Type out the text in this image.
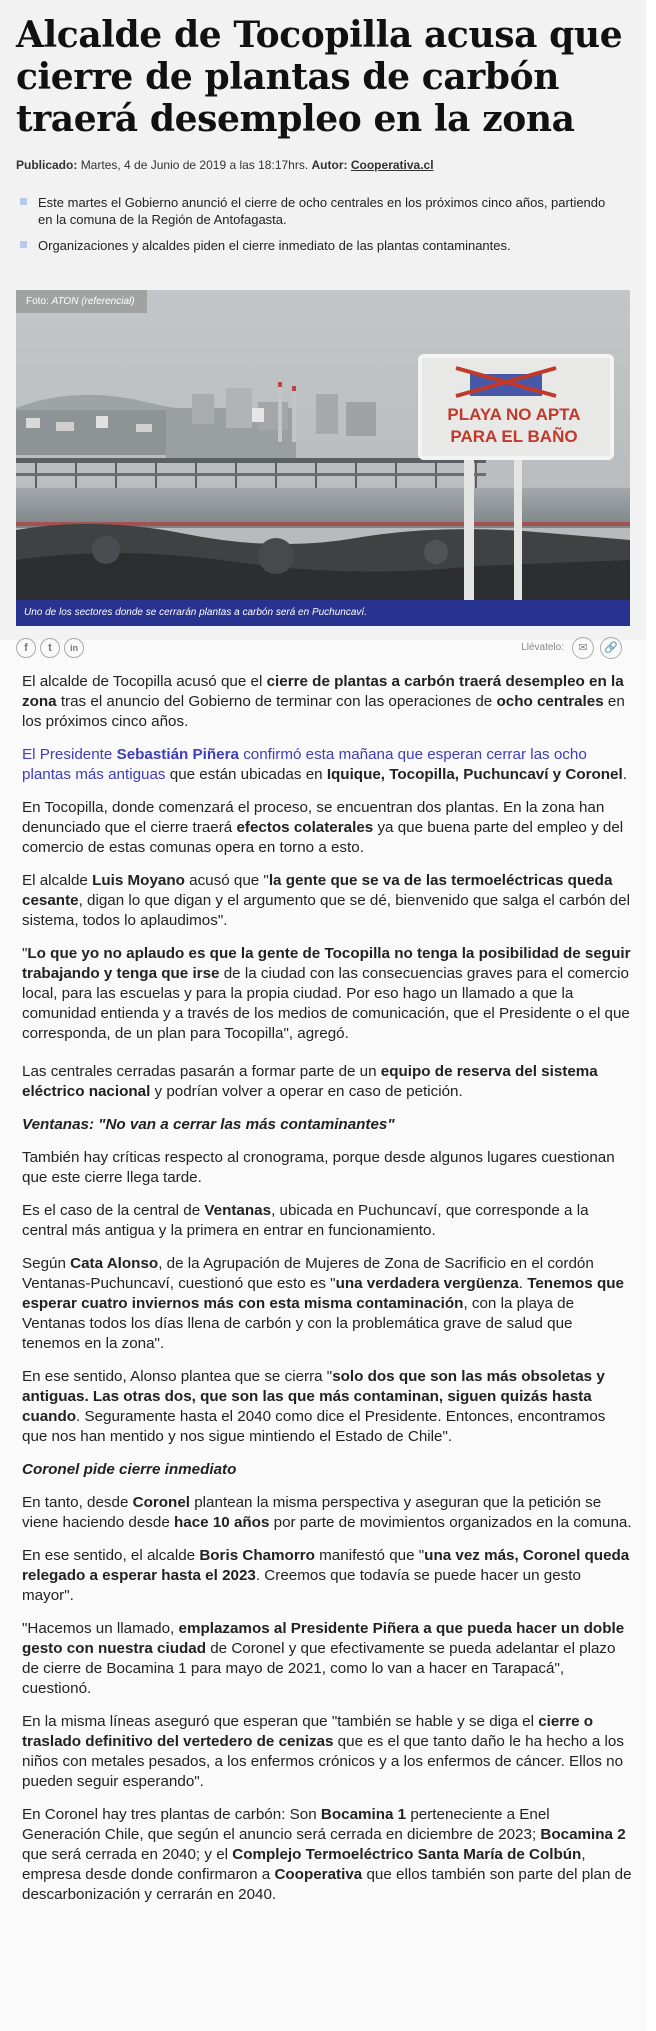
Alcalde de Tocopilla acusa que cierre de plantas de carbón traerá desempleo en la zona
Publicado: Martes, 4 de Junio de 2019 a las 18:17hrs. Autor: Cooperativa.cl
Este martes el Gobierno anunció el cierre de ocho centrales en los próximos cinco años, partiendo en la comuna de la Región de Antofagasta.
Organizaciones y alcaldes piden el cierre inmediato de las plantas contaminantes.
PLAYA NO APTA
PARA EL BAÑO
Foto: ATON (referencial)
Uno de los sectores donde se cerrarán plantas a carbón será en Puchuncaví.
f	t	in	Llévatelo:	✉	🔗

El alcalde de Tocopilla acusó que el cierre de plantas a carbón traerá desempleo en la zona tras el anuncio del Gobierno de terminar con las operaciones de ocho centrales en los próximos cinco años.

El Presidente Sebastián Piñera confirmó esta mañana que esperan cerrar las ocho plantas más antiguas que están ubicadas en Iquique, Tocopilla, Puchuncaví y Coronel.

En Tocopilla, donde comenzará el proceso, se encuentran dos plantas. En la zona han denunciado que el cierre traerá efectos colaterales ya que buena parte del empleo y del comercio de estas comunas opera en torno a esto.

El alcalde Luis Moyano acusó que "la gente que se va de las termoeléctricas queda cesante, digan lo que digan y el argumento que se dé, bienvenido que salga el carbón del sistema, todos lo aplaudimos".

"Lo que yo no aplaudo es que la gente de Tocopilla no tenga la posibilidad de seguir trabajando y tenga que irse de la ciudad con las consecuencias graves para el comercio local, para las escuelas y para la propia ciudad. Por eso hago un llamado a que la comunidad entienda y a través de los medios de comunicación, que el Presidente o el que corresponda, de un plan para Tocopilla", agregó.

Las centrales cerradas pasarán a formar parte de un equipo de reserva del sistema eléctrico nacional y podrían volver a operar en caso de petición.

Ventanas: "No van a cerrar las más contaminantes"

También hay críticas respecto al cronograma, porque desde algunos lugares cuestionan que este cierre llega tarde.

Es el caso de la central de Ventanas, ubicada en Puchuncaví, que corresponde a la central más antigua y la primera en entrar en funcionamiento.

Según Cata Alonso, de la Agrupación de Mujeres de Zona de Sacrificio en el cordón Ventanas-Puchuncaví, cuestionó que esto es "una verdadera vergüenza. Tenemos que esperar cuatro inviernos más con esta misma contaminación, con la playa de Ventanas todos los días llena de carbón y con la problemática grave de salud que tenemos en la zona".

En ese sentido, Alonso plantea que se cierra "solo dos que son las más obsoletas y antiguas. Las otras dos, que son las que más contaminan, siguen quizás hasta cuando. Seguramente hasta el 2040 como dice el Presidente. Entonces, encontramos que nos han mentido y nos sigue mintiendo el Estado de Chile".

Coronel pide cierre inmediato

En tanto, desde Coronel plantean la misma perspectiva y aseguran que la petición se viene haciendo desde hace 10 años por parte de movimientos organizados en la comuna.

En ese sentido, el alcalde Boris Chamorro manifestó que "una vez más, Coronel queda relegado a esperar hasta el 2023. Creemos que todavía se puede hacer un gesto mayor".

"Hacemos un llamado, emplazamos al Presidente Piñera a que pueda hacer un doble gesto con nuestra ciudad de Coronel y que efectivamente se pueda adelantar el plazo de cierre de Bocamina 1 para mayo de 2021, como lo van a hacer en Tarapacá", cuestionó.

En la misma líneas aseguró que esperan que "también se hable y se diga el cierre o traslado definitivo del vertedero de cenizas que es el que tanto daño le ha hecho a los niños con metales pesados, a los enfermos crónicos y a los enfermos de cáncer. Ellos no pueden seguir esperando".

En Coronel hay tres plantas de carbón: Son Bocamina 1 perteneciente a Enel Generación Chile, que según el anuncio será cerrada en diciembre de 2023; Bocamina 2 que será cerrada en 2040; y el Complejo Termoeléctrico Santa María de Colbún, empresa desde donde confirmaron a Cooperativa que ellos también son parte del plan de descarbonización y cerrarán en 2040.
